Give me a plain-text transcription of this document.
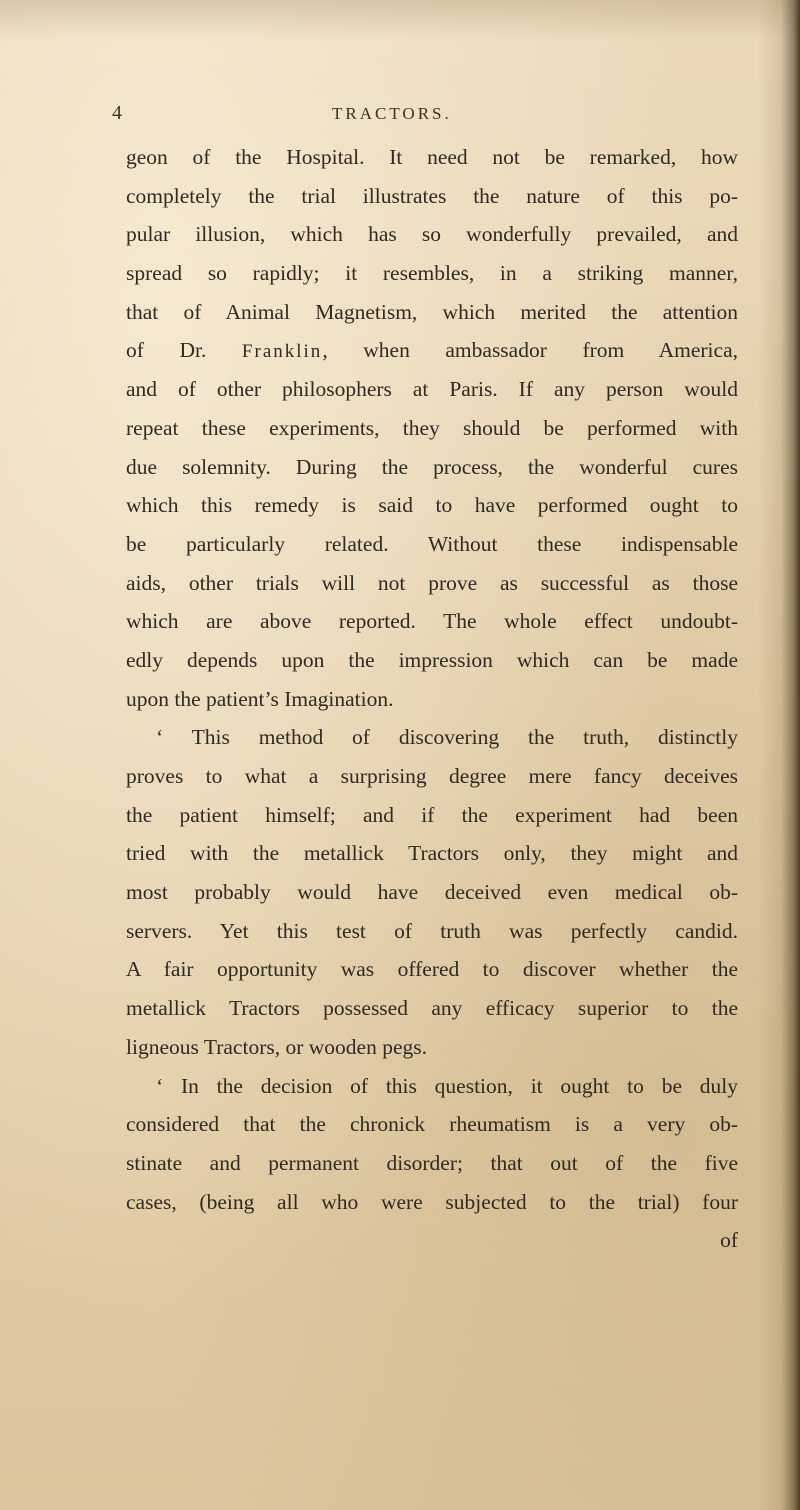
4	TRACTORS.
geon of the Hospital. It need not be remarked, how
completely the trial illustrates the nature of this po-
pular illusion, which has so wonderfully prevailed, and
spread so rapidly; it resembles, in a striking manner,
that of Animal Magnetism, which merited the attention
of Dr. Franklin, when ambassador from America,
and of other philosophers at Paris. If any person would
repeat these experiments, they should be performed with
due solemnity. During the process, the wonderful cures
which this remedy is said to have performed ought to
be particularly related. Without these indispensable
aids, other trials will not prove as successful as those
which are above reported. The whole effect undoubt-
edly depends upon the impression which can be made
upon the patient’s Imagination.
‘ This method of discovering the truth, distinctly
proves to what a surprising degree mere fancy deceives
the patient himself; and if the experiment had been
tried with the metallick Tractors only, they might and
most probably would have deceived even medical ob-
servers. Yet this test of truth was perfectly candid.
A fair opportunity was offered to discover whether the
metallick Tractors possessed any efficacy superior to the
ligneous Tractors, or wooden pegs.
‘ In the decision of this question, it ought to be duly
considered that the chronick rheumatism is a very ob-
stinate and permanent disorder; that out of the five
cases, (being all who were subjected to the trial) four
of
